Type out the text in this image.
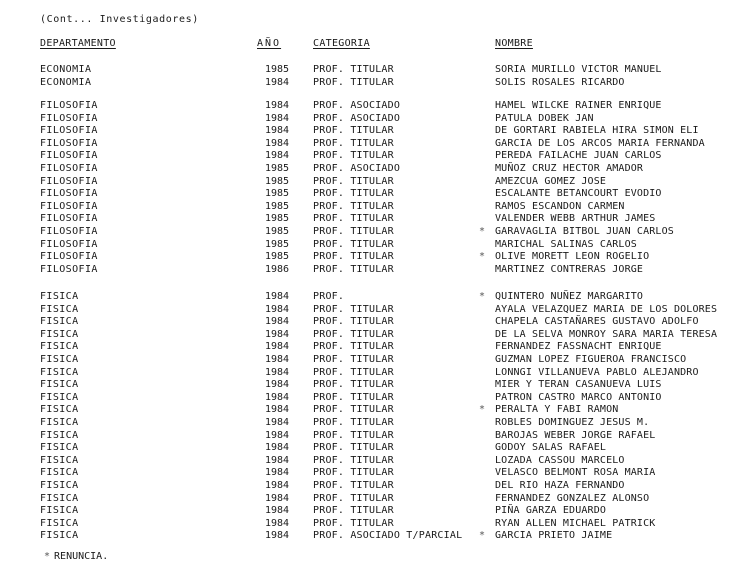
(Cont... Investigadores)
DEPARTAMENTO	AÑO	CATEGORIA	NOMBRE
ECONOMIA	1985 PROF. TITULAR	SORIA MURILLO VICTOR MANUEL
ECONOMIA	1984 PROF. TITULAR	SOLIS ROSALES RICARDO
FILOSOFIA	1984 PROF. ASOCIADO	HAMEL WILCKE RAINER ENRIQUE
FILOSOFIA	1984 PROF. ASOCIADO	PATULA DOBEK JAN
FILOSOFIA	1984 PROF. TITULAR	DE GORTARI RABIELA HIRA SIMON ELI
FILOSOFIA	1984 PROF. TITULAR	GARCIA DE LOS ARCOS MARIA FERNANDA
FILOSOFIA	1984 PROF. TITULAR	PEREDA FAILACHE JUAN CARLOS
FILOSOFIA	1985 PROF. ASOCIADO	MUÑOZ CRUZ HECTOR AMADOR
FILOSOFIA	1985 PROF. TITULAR	AMEZCUA GOMEZ JOSE
FILOSOFIA	1985 PROF. TITULAR	ESCALANTE BETANCOURT EVODIO
FILOSOFIA	1985 PROF. TITULAR	RAMOS ESCANDON CARMEN
FILOSOFIA	1985 PROF. TITULAR	VALENDER WEBB ARTHUR JAMES
FILOSOFIA	1985 PROF. TITULAR	* GARAVAGLIA BITBOL JUAN CARLOS
FILOSOFIA	1985 PROF. TITULAR	MARICHAL SALINAS CARLOS
FILOSOFIA	1985 PROF. TITULAR	* OLIVE MORETT LEON ROGELIO
FILOSOFIA	1986 PROF. TITULAR	MARTINEZ CONTRERAS JORGE
FISICA	1984 PROF.	* QUINTERO NUÑEZ MARGARITO
FISICA	1984 PROF. TITULAR	AYALA VELAZQUEZ MARIA DE LOS DOLORES
FISICA	1984 PROF. TITULAR	CHAPELA CASTAÑARES GUSTAVO ADOLFO
FISICA	1984 PROF. TITULAR	DE LA SELVA MONROY SARA MARIA TERESA
FISICA	1984 PROF. TITULAR	FERNANDEZ FASSNACHT ENRIQUE
FISICA	1984 PROF. TITULAR	GUZMAN LOPEZ FIGUEROA FRANCISCO
FISICA	1984 PROF. TITULAR	LONNGI VILLANUEVA PABLO ALEJANDRO
FISICA	1984 PROF. TITULAR	MIER Y TERAN CASANUEVA LUIS
FISICA	1984 PROF. TITULAR	PATRON CASTRO MARCO ANTONIO
FISICA	1984 PROF. TITULAR	* PERALTA Y FABI RAMON
FISICA	1984 PROF. TITULAR	ROBLES DOMINGUEZ JESUS M.
FISICA	1984 PROF. TITULAR	BAROJAS WEBER JORGE RAFAEL
FISICA	1984 PROF. TITULAR	GODOY SALAS RAFAEL
FISICA	1984 PROF. TITULAR	LOZADA CASSOU MARCELO
FISICA	1984 PROF. TITULAR	VELASCO BELMONT ROSA MARIA
FISICA	1984 PROF. TITULAR	DEL RIO HAZA FERNANDO
FISICA	1984 PROF. TITULAR	FERNANDEZ GONZALEZ ALONSO
FISICA	1984 PROF. TITULAR	PIÑA GARZA EDUARDO
FISICA	1984 PROF. TITULAR	RYAN ALLEN MICHAEL PATRICK
FISICA	1984 PROF. ASOCIADO T/PARCIAL * GARCIA PRIETO JAIME
* RENUNCIA.
